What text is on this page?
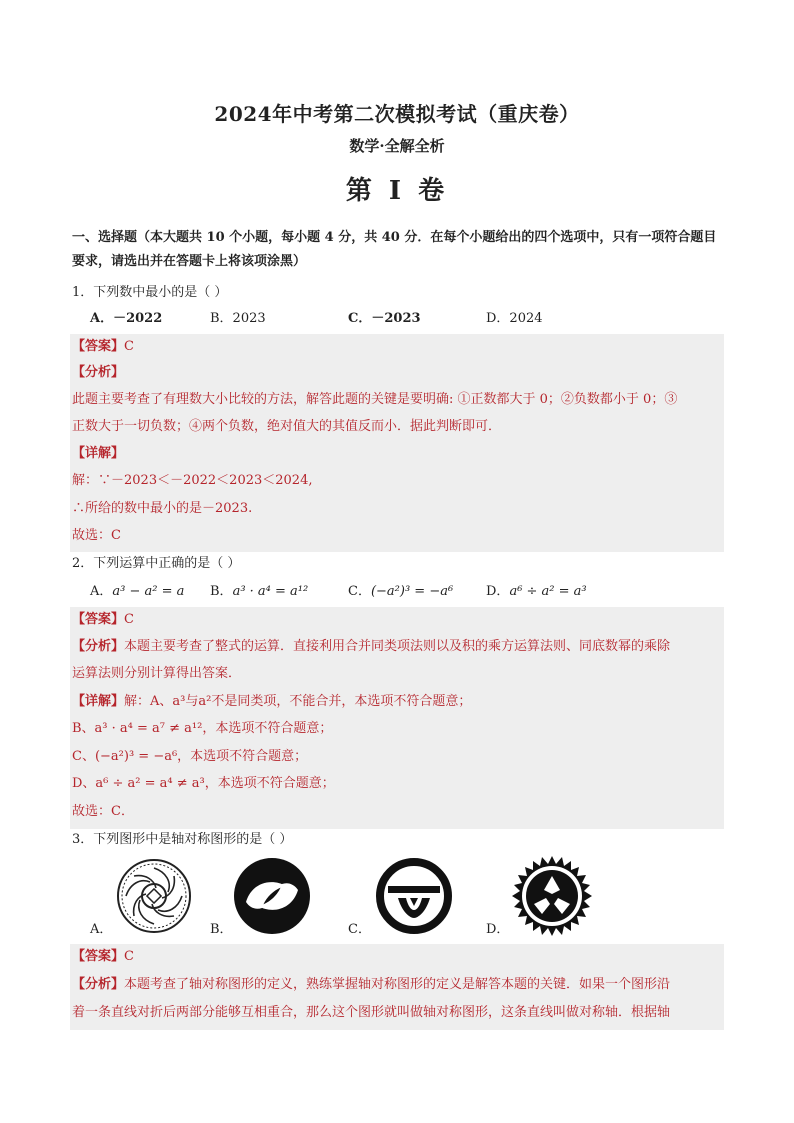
2024年中考第二次模拟考试（重庆卷）
数学·全解全析
第 I 卷
一、选择题（本大题共 10 个小题，每小题 4 分，共 40 分．在每个小题给出的四个选项中，只有一项符合题目要求，请选出并在答题卡上将该项涂黑）
1．下列数中最小的是（ ）
A．－2022	B．2023	C．－2023	D．2024
【答案】C
【分析】
此题主要考查了有理数大小比较的方法，解答此题的关键是要明确: ①正数都大于 0；②负数都小于 0；③
正数大于一切负数；④两个负数，绝对值大的其值反而小．据此判断即可．
【详解】
解：∵－2023＜－2022＜2023＜2024,
∴所给的数中最小的是－2023.
故选：C
2．下列运算中正确的是（ ）
A．a³ − a² = a B．a³ · a⁴ = a¹²	C．(−a²)³ = −a⁶	D．a⁶ ÷ a² = a³
【答案】C
【分析】本题主要考查了整式的运算．直接利用合并同类项法则以及积的乘方运算法则、同底数幂的乘除
运算法则分别计算得出答案．
【详解】解：A、a³与a²不是同类项，不能合并，本选项不符合题意；
B、a³ · a⁴ = a⁷ ≠ a¹²，本选项不符合题意；
C、(−a²)³ = −a⁶，本选项不符合题意；
D、a⁶ ÷ a² = a⁴ ≠ a³，本选项不符合题意；
故选：C．
3．下列图形中是轴对称图形的是（ ）
A．	B．	C．	D．
【答案】C
【分析】本题考查了轴对称图形的定义，熟练掌握轴对称图形的定义是解答本题的关键．如果一个图形沿
着一条直线对折后两部分能够互相重合，那么这个图形就叫做轴对称图形，这条直线叫做对称轴．根据轴
